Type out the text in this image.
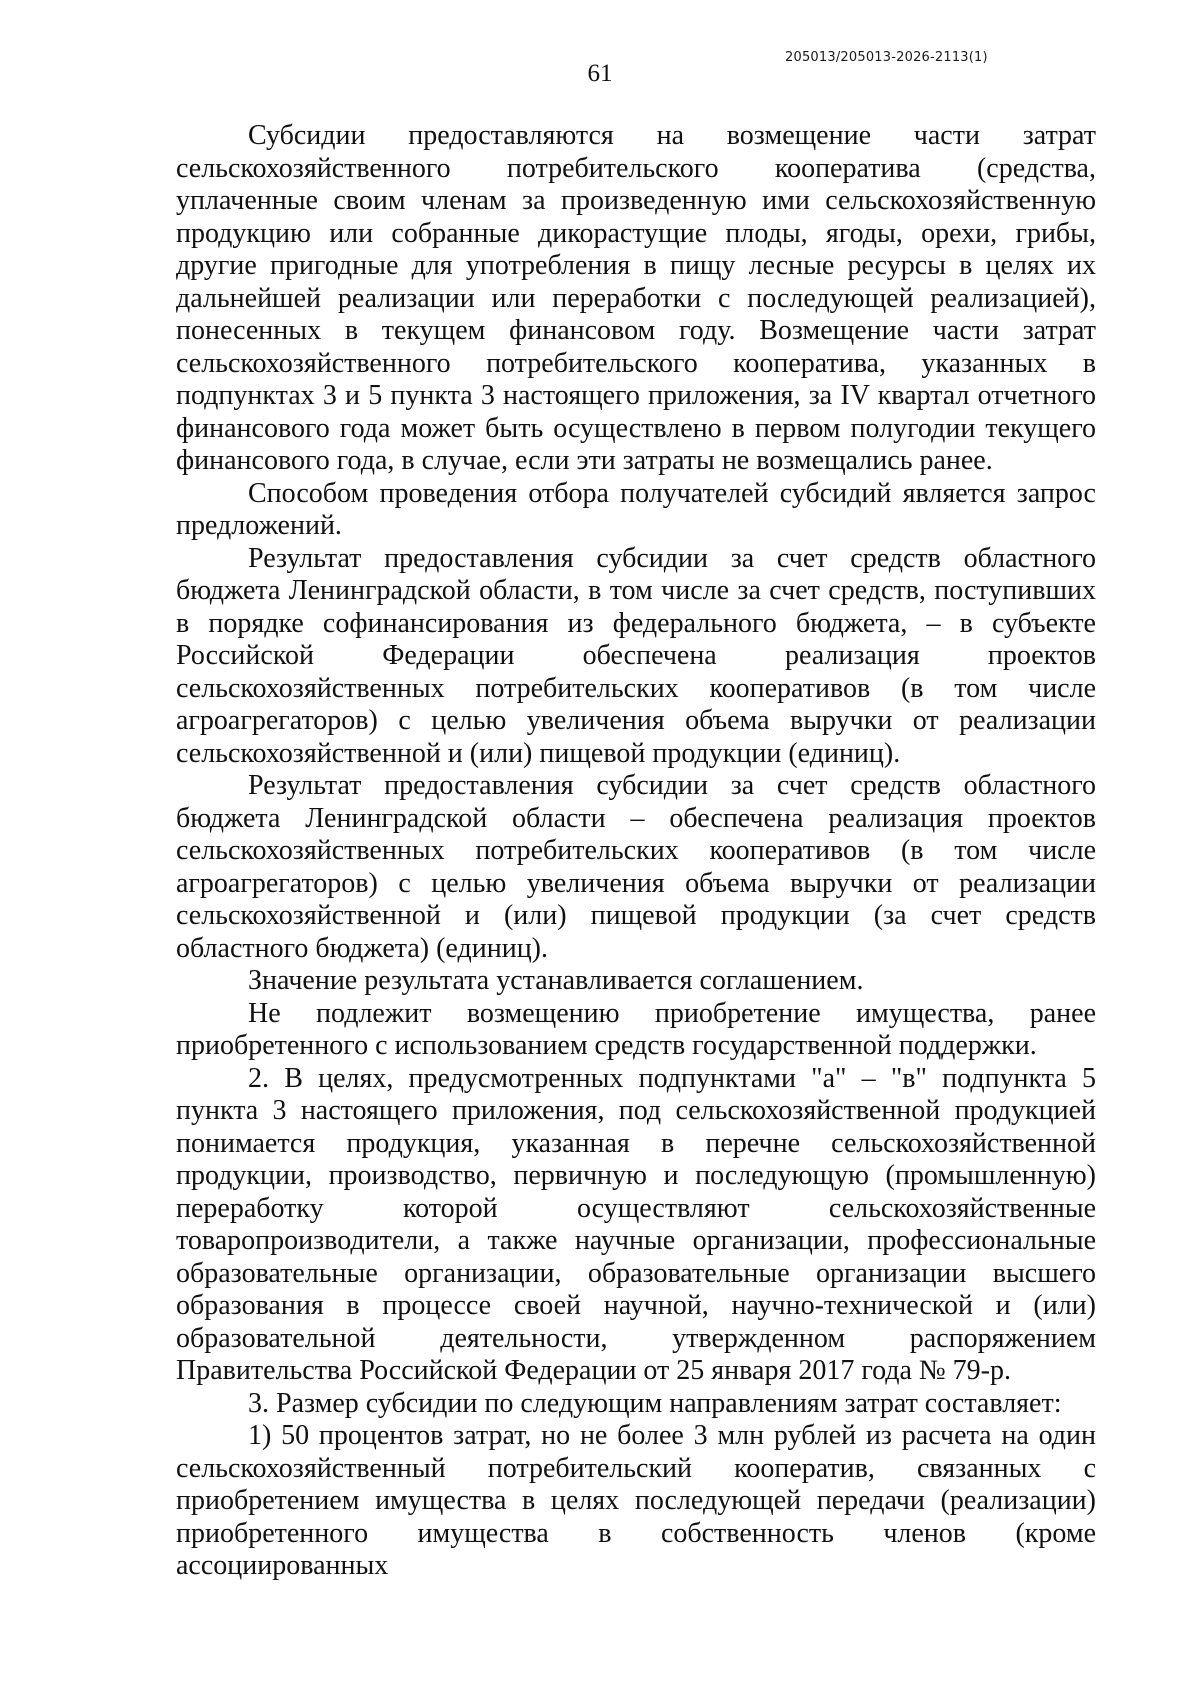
205013/205013-2026-2113(1)
61

Субсидии предоставляются на возмещение части затрат сельскохозяйственного потребительского кооператива (средства, уплаченные своим членам за произведенную ими сельскохозяйственную продукцию или собранные дикорастущие плоды, ягоды, орехи, грибы, другие пригодные для употребления в пищу лесные ресурсы в целях их дальнейшей реализации или переработки с последующей реализацией), понесенных в текущем финансовом году. Возмещение части затрат сельскохозяйственного потребительского кооператива, указанных в подпунктах 3 и 5 пункта 3 настоящего приложения, за IV квартал отчетного финансового года может быть осуществлено в первом полугодии текущего финансового года, в случае, если эти затраты не возмещались ранее.

Способом проведения отбора получателей субсидий является запрос предложений.

Результат предоставления субсидии за счет средств областного бюджета Ленинградской области, в том числе за счет средств, поступивших в порядке софинансирования из федерального бюджета, – в субъекте Российской Федерации обеспечена реализация проектов сельскохозяйственных потребительских кооперативов (в том числе агроагрегаторов) с целью увеличения объема выручки от реализации сельскохозяйственной и (или) пищевой продукции (единиц).

Результат предоставления субсидии за счет средств областного бюджета Ленинградской области – обеспечена реализация проектов сельскохозяйственных потребительских кооперативов (в том числе агроагрегаторов) с целью увеличения объема выручки от реализации сельскохозяйственной и (или) пищевой продукции (за счет средств областного бюджета) (единиц).

Значение результата устанавливается соглашением.

Не подлежит возмещению приобретение имущества, ранее приобретенного с использованием средств государственной поддержки.

2. В целях, предусмотренных подпунктами "а" – "в" подпункта 5 пункта 3 настоящего приложения, под сельскохозяйственной продукцией понимается продукция, указанная в перечне сельскохозяйственной продукции, производство, первичную и последующую (промышленную) переработку которой осуществляют сельскохозяйственные товаропроизводители, а также научные организации, профессиональные образовательные организации, образовательные организации высшего образования в процессе своей научной, научно-технической и (или) образовательной деятельности, утвержденном распоряжением Правительства Российской Федерации от 25 января 2017 года № 79-р.

3. Размер субсидии по следующим направлениям затрат составляет:

1) 50 процентов затрат, но не более 3 млн рублей из расчета на один сельскохозяйственный потребительский кооператив, связанных с приобретением имущества в целях последующей передачи (реализации) приобретенного имущества в собственность членов (кроме ассоциированных
